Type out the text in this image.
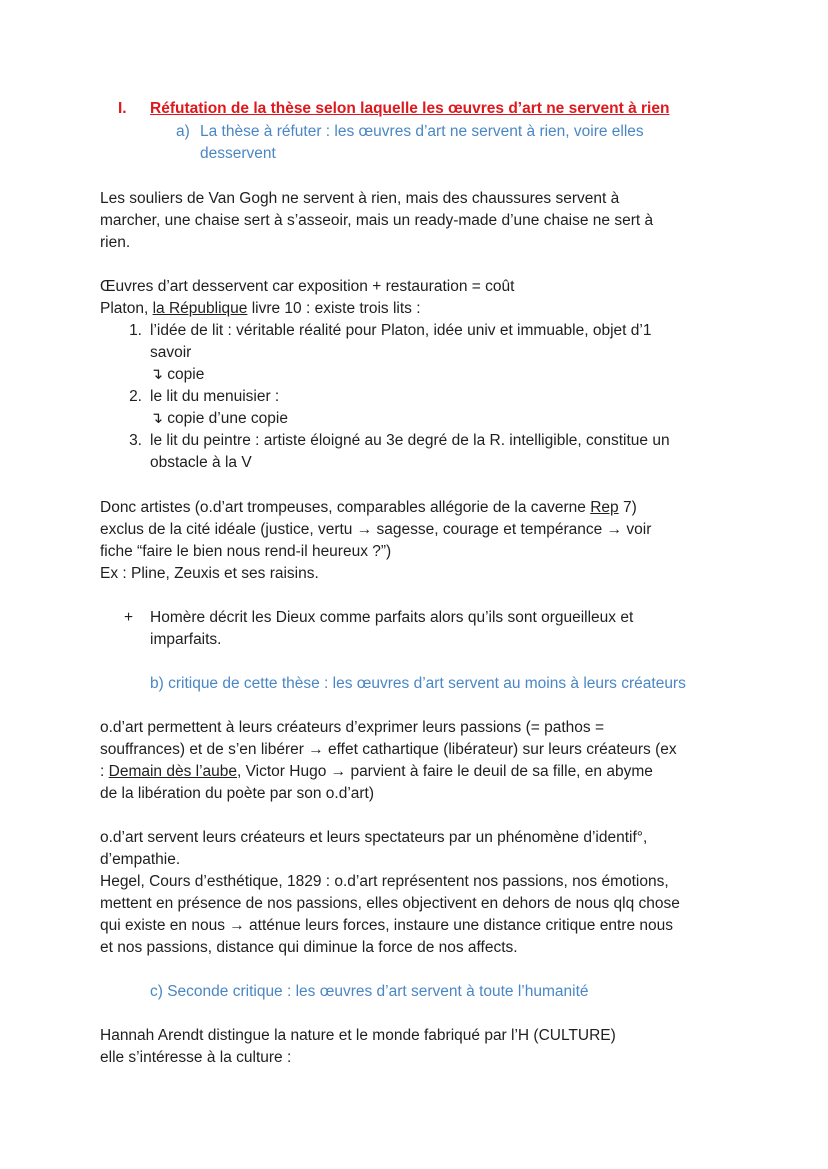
I. Réfutation de la thèse selon laquelle les œuvres d’art ne servent à rien
a) La thèse à réfuter : les œuvres d’art ne servent à rien, voire elles
desservent
Les souliers de Van Gogh ne servent à rien, mais des chaussures servent à
marcher, une chaise sert à s’asseoir, mais un ready-made d’une chaise ne sert à
rien.
Œuvres d’art desservent car exposition + restauration = coût
Platon, la République livre 10 : existe trois lits :
1. l’idée de lit : véritable réalité pour Platon, idée univ et immuable, objet d’1
savoir
↴ copie
2. le lit du menuisier :
↴ copie d’une copie
3. le lit du peintre : artiste éloigné au 3e degré de la R. intelligible, constitue un
obstacle à la V
Donc artistes (o.d’art trompeuses, comparables allégorie de la caverne Rep 7)
exclus de la cité idéale (justice, vertu → sagesse, courage et tempérance → voir
fiche “faire le bien nous rend-il heureux ?”)
Ex : Pline, Zeuxis et ses raisins.
+ Homère décrit les Dieux comme parfaits alors qu’ils sont orgueilleux et
imparfaits.
b) critique de cette thèse : les œuvres d’art servent au moins à leurs créateurs
o.d’art permettent à leurs créateurs d’exprimer leurs passions (= pathos =
souffrances) et de s’en libérer → effet cathartique (libérateur) sur leurs créateurs (ex
: Demain dès l’aube, Victor Hugo → parvient à faire le deuil de sa fille, en abyme
de la libération du poète par son o.d’art)
o.d’art servent leurs créateurs et leurs spectateurs par un phénomène d’identif°,
d’empathie.
Hegel, Cours d’esthétique, 1829 : o.d’art représentent nos passions, nos émotions,
mettent en présence de nos passions, elles objectivent en dehors de nous qlq chose
qui existe en nous → atténue leurs forces, instaure une distance critique entre nous
et nos passions, distance qui diminue la force de nos affects.
c) Seconde critique : les œuvres d’art servent à toute l’humanité
Hannah Arendt distingue la nature et le monde fabriqué par l’H (CULTURE)
elle s’intéresse à la culture :
